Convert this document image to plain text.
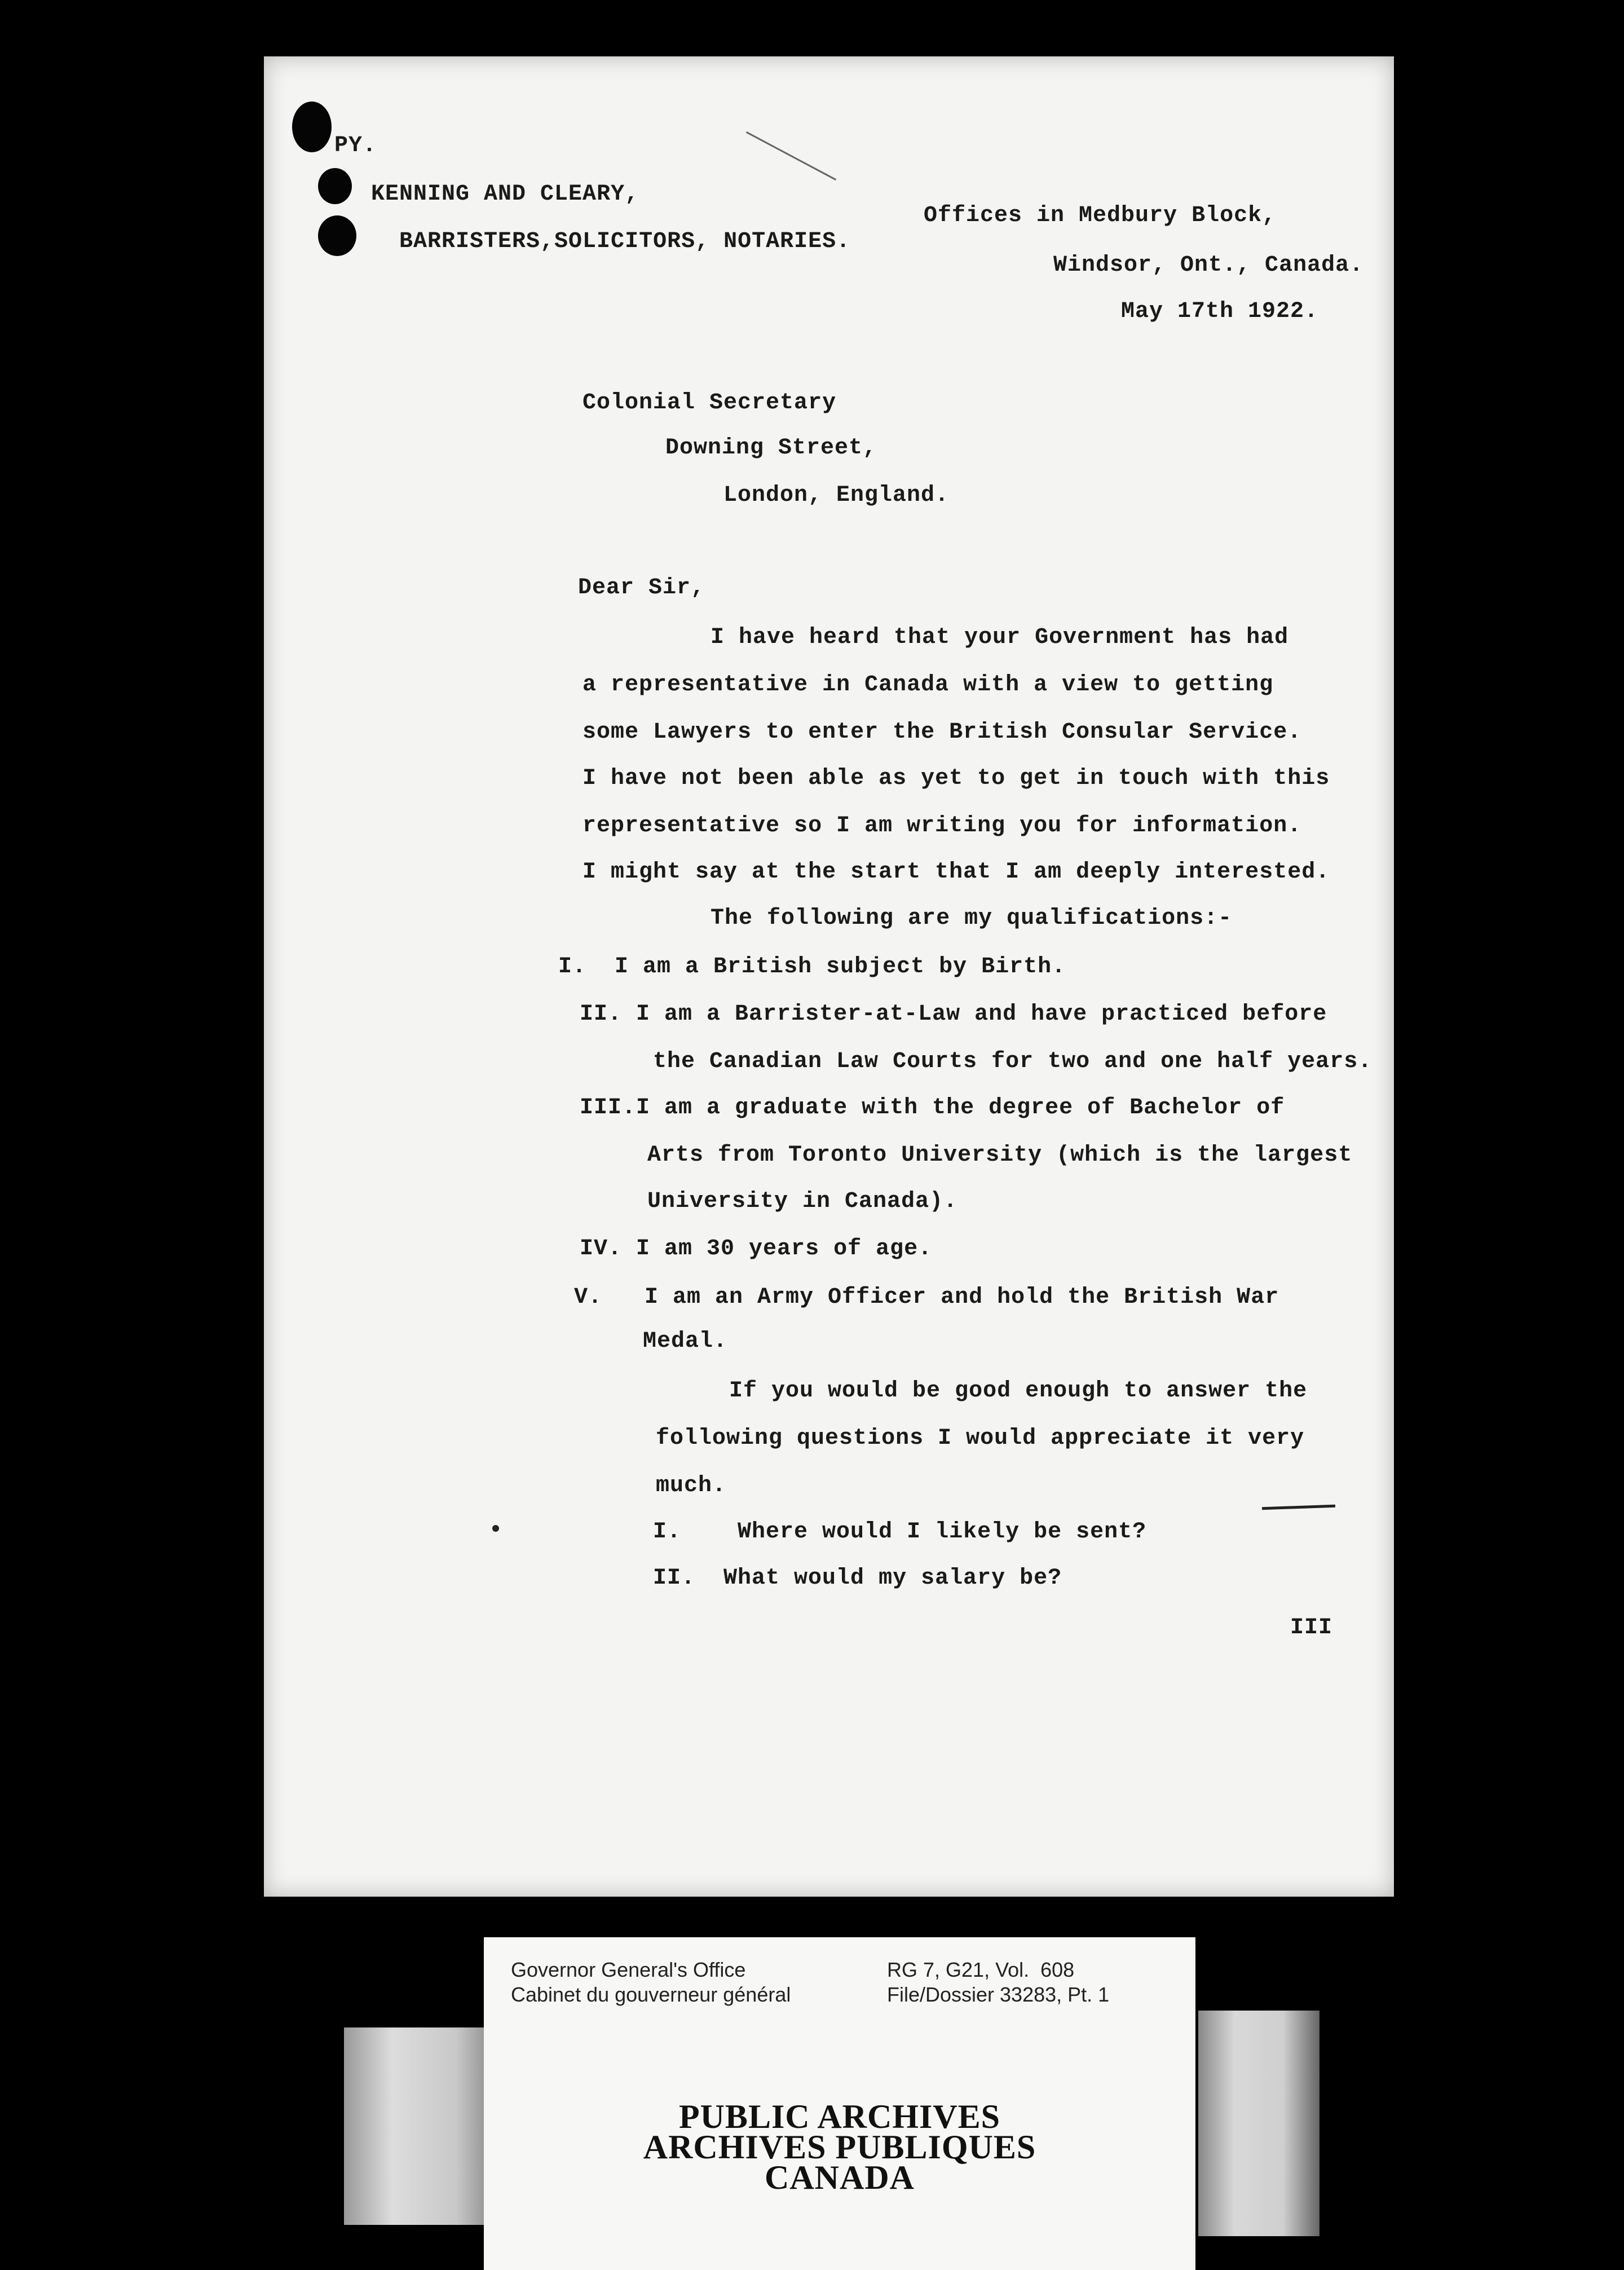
PY.
KENNING AND CLEARY,
BARRISTERS,SOLICITORS, NOTARIES.
Offices in Medbury Block,
Windsor, Ont., Canada.
May 17th 1922.
Colonial Secretary
Downing Street,
London, England.
Dear Sir,
I have heard that your Government has had
a representative in Canada with a view to getting
some Lawyers to enter the British Consular Service.
I have not been able as yet to get in touch with this
representative so I am writing you for information.
I might say at the start that I am deeply interested.
The following are my qualifications:-
I.  I am a British subject by Birth.
II. I am a Barrister-at-Law and have practiced before
the Canadian Law Courts for two and one half years.
III.I am a graduate with the degree of Bachelor of
Arts from Toronto University (which is the largest
University in Canada).
IV. I am 30 years of age.
V.   I am an Army Officer and hold the British War
Medal.
If you would be good enough to answer the
following questions I would appreciate it very
much.
I.    Where would I likely be sent?
II.  What would my salary be?
III
Governor General's Office
Cabinet du gouverneur général
RG 7, G21, Vol.  608
File/Dossier 33283, Pt. 1
PUBLIC ARCHIVES
ARCHIVES PUBLIQUES
CANADA
